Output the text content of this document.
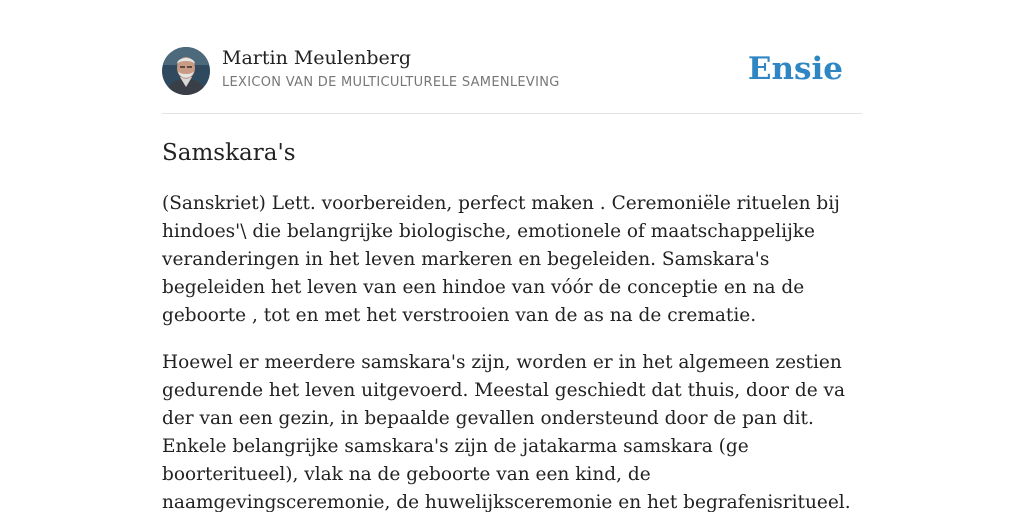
Martin Meulenberg
LEXICON VAN DE MULTICULTURELE SAMENLEVING	Ensie
Samskara's

(Sanskriet) Lett. voorbereiden, perfect maken . Ceremoniële rituelen bij hindoes'\ die belangrijke biologische, emotionele of maatschappelijke veranderingen in het leven markeren en begeleiden. Samskara's begeleiden het leven van een hindoe van vóór de conceptie en na de geboorte , tot en met het verstrooien van de as na de crematie.

Hoewel er meerdere samskara's zijn, worden er in het algemeen zestien gedurende het leven uitgevoerd. Meestal geschiedt dat thuis, door de va der van een gezin, in bepaalde gevallen ondersteund door de pan dit. Enkele belangrijke samskara's zijn de jatakarma samskara (ge boorteritueel), vlak na de geboorte van een kind, de naamgevingsceremonie, de huwelijksceremonie en het begrafenisritueel.
